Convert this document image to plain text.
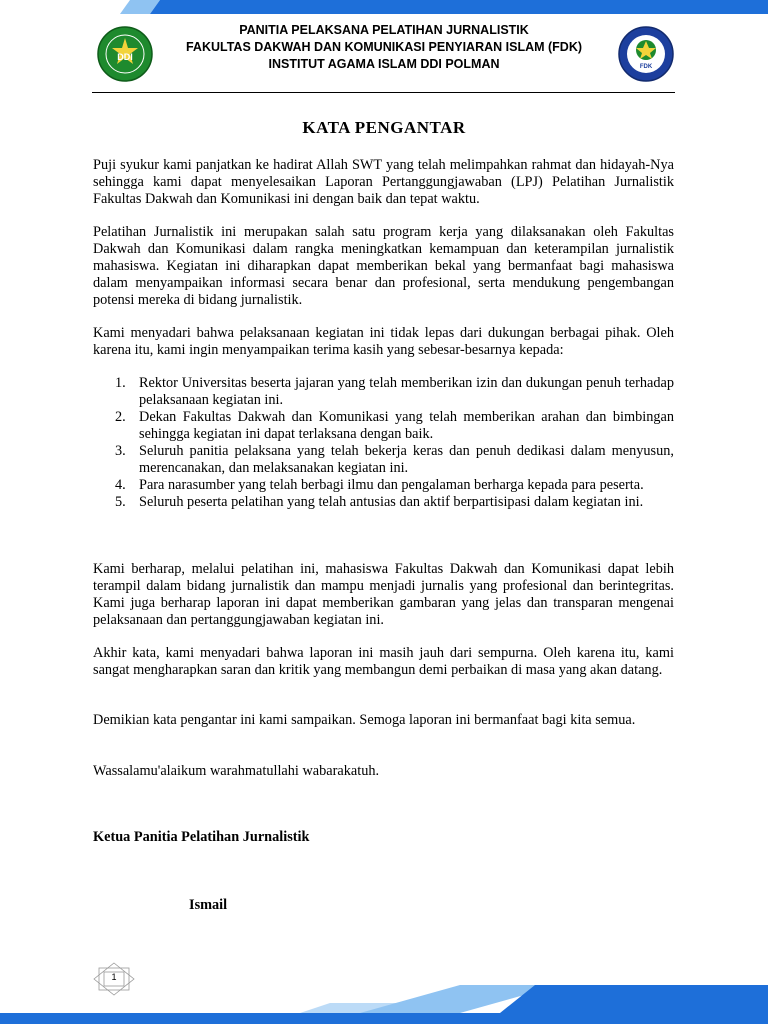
DDI
PANITIA PELAKSANA PELATIHAN JURNALISTIK
FAKULTAS DAKWAH DAN KOMUNIKASI PENYIARAN ISLAM (FDK)
INSTITUT AGAMA ISLAM DDI POLMAN	FDK
KATA PENGANTAR
Puji syukur kami panjatkan ke hadirat Allah SWT yang telah melimpahkan rahmat dan hidayah-Nya sehingga kami dapat menyelesaikan Laporan Pertanggungjawaban (LPJ) Pelatihan Jurnalistik Fakultas Dakwah dan Komunikasi ini dengan baik dan tepat waktu.
Pelatihan Jurnalistik ini merupakan salah satu program kerja yang dilaksanakan oleh Fakultas Dakwah dan Komunikasi dalam rangka meningkatkan kemampuan dan keterampilan jurnalistik mahasiswa. Kegiatan ini diharapkan dapat memberikan bekal yang bermanfaat bagi mahasiswa dalam menyampaikan informasi secara benar dan profesional, serta mendukung pengembangan potensi mereka di bidang jurnalistik.
Kami menyadari bahwa pelaksanaan kegiatan ini tidak lepas dari dukungan berbagai pihak. Oleh karena itu, kami ingin menyampaikan terima kasih yang sebesar-besarnya kepada:
1. Rektor Universitas beserta jajaran yang telah memberikan izin dan dukungan penuh terhadap pelaksanaan kegiatan ini.
2. Dekan Fakultas Dakwah dan Komunikasi yang telah memberikan arahan dan bimbingan sehingga kegiatan ini dapat terlaksana dengan baik.
3. Seluruh panitia pelaksana yang telah bekerja keras dan penuh dedikasi dalam menyusun, merencanakan, dan melaksanakan kegiatan ini.
4. Para narasumber yang telah berbagi ilmu dan pengalaman berharga kepada para peserta.
5. Seluruh peserta pelatihan yang telah antusias dan aktif berpartisipasi dalam kegiatan ini.
Kami berharap, melalui pelatihan ini, mahasiswa Fakultas Dakwah dan Komunikasi dapat lebih terampil dalam bidang jurnalistik dan mampu menjadi jurnalis yang profesional dan berintegritas. Kami juga berharap laporan ini dapat memberikan gambaran yang jelas dan transparan mengenai pelaksanaan dan pertanggungjawaban kegiatan ini.
Akhir kata, kami menyadari bahwa laporan ini masih jauh dari sempurna. Oleh karena itu, kami sangat mengharapkan saran dan kritik yang membangun demi perbaikan di masa yang akan datang.
Demikian kata pengantar ini kami sampaikan. Semoga laporan ini bermanfaat bagi kita semua.
Wassalamu'alaikum warahmatullahi wabarakatuh.
Ketua Panitia Pelatihan Jurnalistik
Ismail
1
